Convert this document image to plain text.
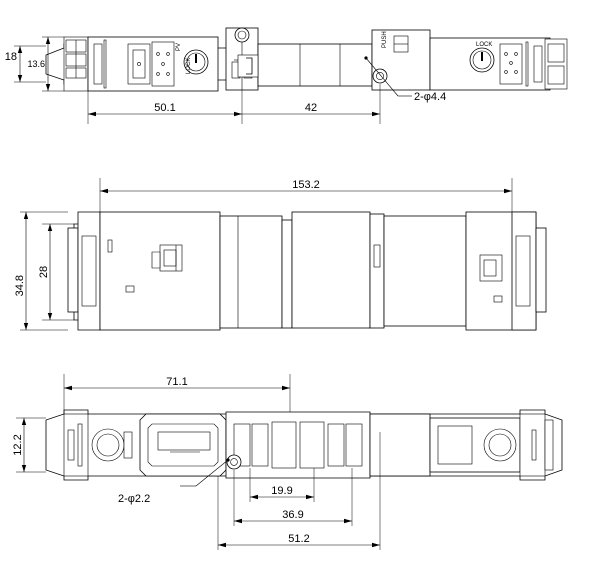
PV
LOCK
PUSH	LOCK
18
13.6
50.1	42
2-φ4.4
153.2
34.8
28
71.1
12.2
2-φ2.2
19.9
36.9
51.2
